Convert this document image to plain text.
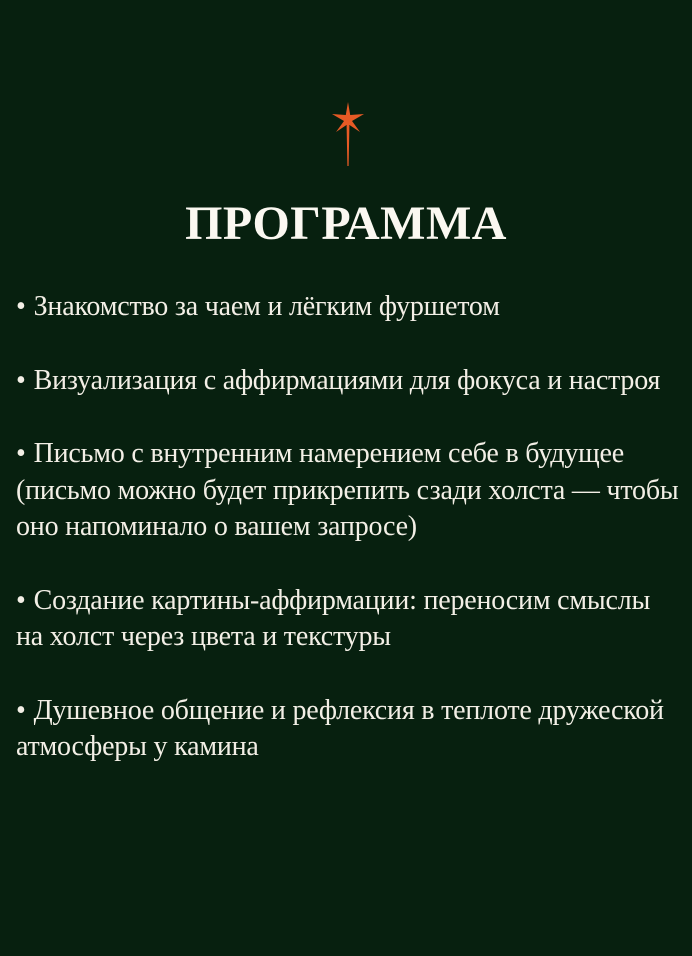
ПРОГРАММА
• Знакомство за чаем и лёгким фуршетом
• Визуализация с аффирмациями для фокуса и настроя
• Письмо с внутренним намерением себе в будущее (письмо можно будет прикрепить сзади холста — чтобы оно напоминало о вашем запросе)
• Создание картины-аффирмации: переносим смыслы на холст через цвета и текстуры
• Душевное общение и рефлексия в теплоте дружеской атмосферы у камина
